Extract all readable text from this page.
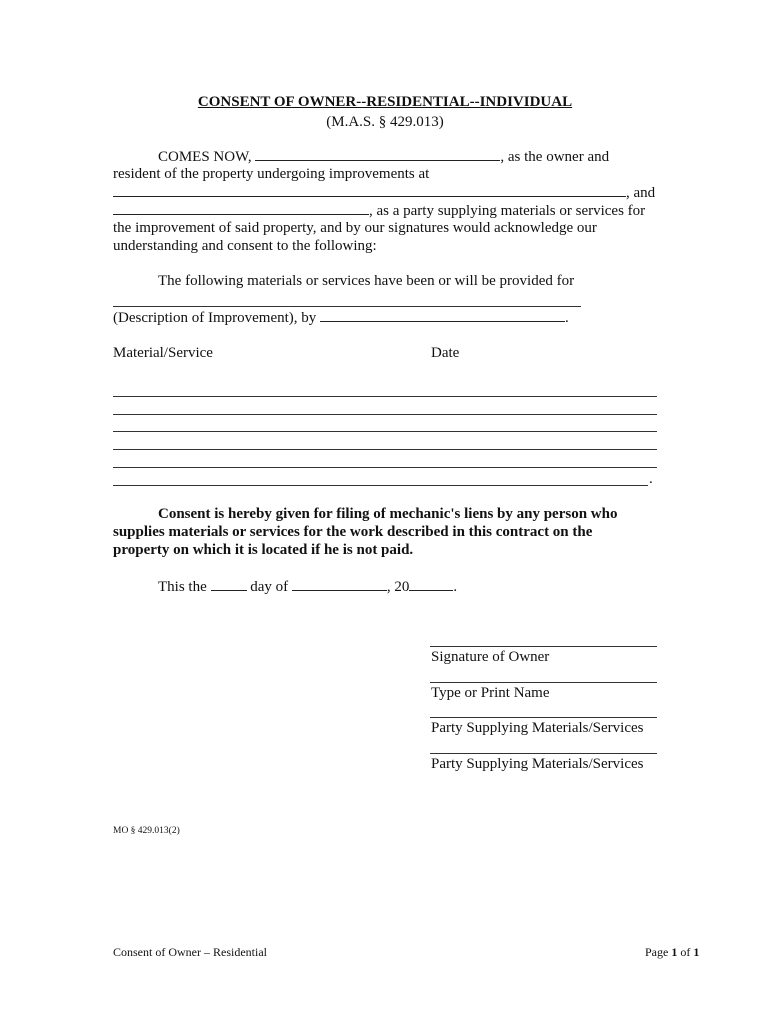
CONSENT OF OWNER--RESIDENTIAL--INDIVIDUAL
(M.A.S. § 429.013)
COMES NOW,	, as the owner and
resident of the property undergoing improvements at
, and
, as a party supplying materials or services for
the improvement of said property, and by our signatures would acknowledge our
understanding and consent to the following:
The following materials or services have been or will be provided for
(Description of Improvement), by	.
Material/Service	Date
.
Consent is hereby given for filing of mechanic's liens by any person who
supplies materials or services for the work described in this contract on the
property on which it is located if he is not paid.
This the	day of	, 20	.
Signature of Owner
Type or Print Name
Party Supplying Materials/Services
Party Supplying Materials/Services
MO § 429.013(2)
Consent of Owner – Residential	Page 1 of 1
